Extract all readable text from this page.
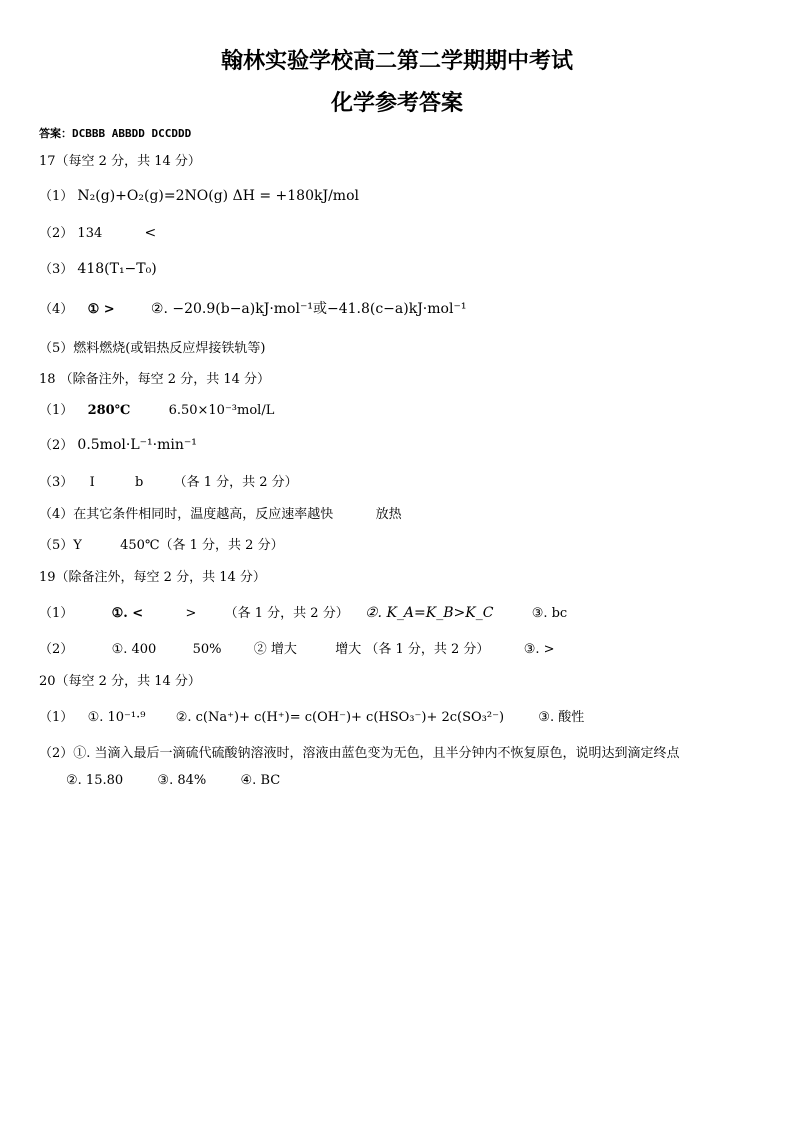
翰林实验学校高二第二学期期中考试
化学参考答案
答案：DCBBB ABBDD DCCDDD
17（每空 2 分，共 14 分）
（1） N₂(g)+O₂(g)=2NO(g) ΔH = +180kJ/mol
（2） 134	<
（3） 418(T₁−T₀)
（4） ① >	②. −20.9(b−a)kJ·mol⁻¹或−41.8(c−a)kJ·mol⁻¹
（5）燃料燃烧(或铝热反应焊接铁轨等)
18 （除备注外，每空 2 分，共 14 分）
（1） 280℃	6.50×10⁻³mol/L
（2） 0.5mol·L⁻¹·min⁻¹
（3） I	b （各 1 分，共 2 分）
（4）在其它条件相同时，温度越高，反应速率越快	放热
（5）Y	450℃（各 1 分，共 2 分）
19（除备注外，每空 2 分，共 14 分）
（1）	①. <	> （各 1 分，共 2 分） ②. K_A=K_B>K_C	③. bc
（2）	①. 400	50% ② 增大	增大 （各 1 分，共 2 分）	③. >
20（每空 2 分，共 14 分）
（1） ①. 10⁻¹·⁹ ②. c(Na⁺)+ c(H⁺)= c(OH⁻)+ c(HSO₃⁻)+ 2c(SO₃²⁻)	③. 酸性
（2）①. 当滴入最后一滴硫代硫酸钠溶液时，溶液由蓝色变为无色，且半分钟内不恢复原色，说明达到滴定终点
②. 15.80	③. 84%	④. BC
